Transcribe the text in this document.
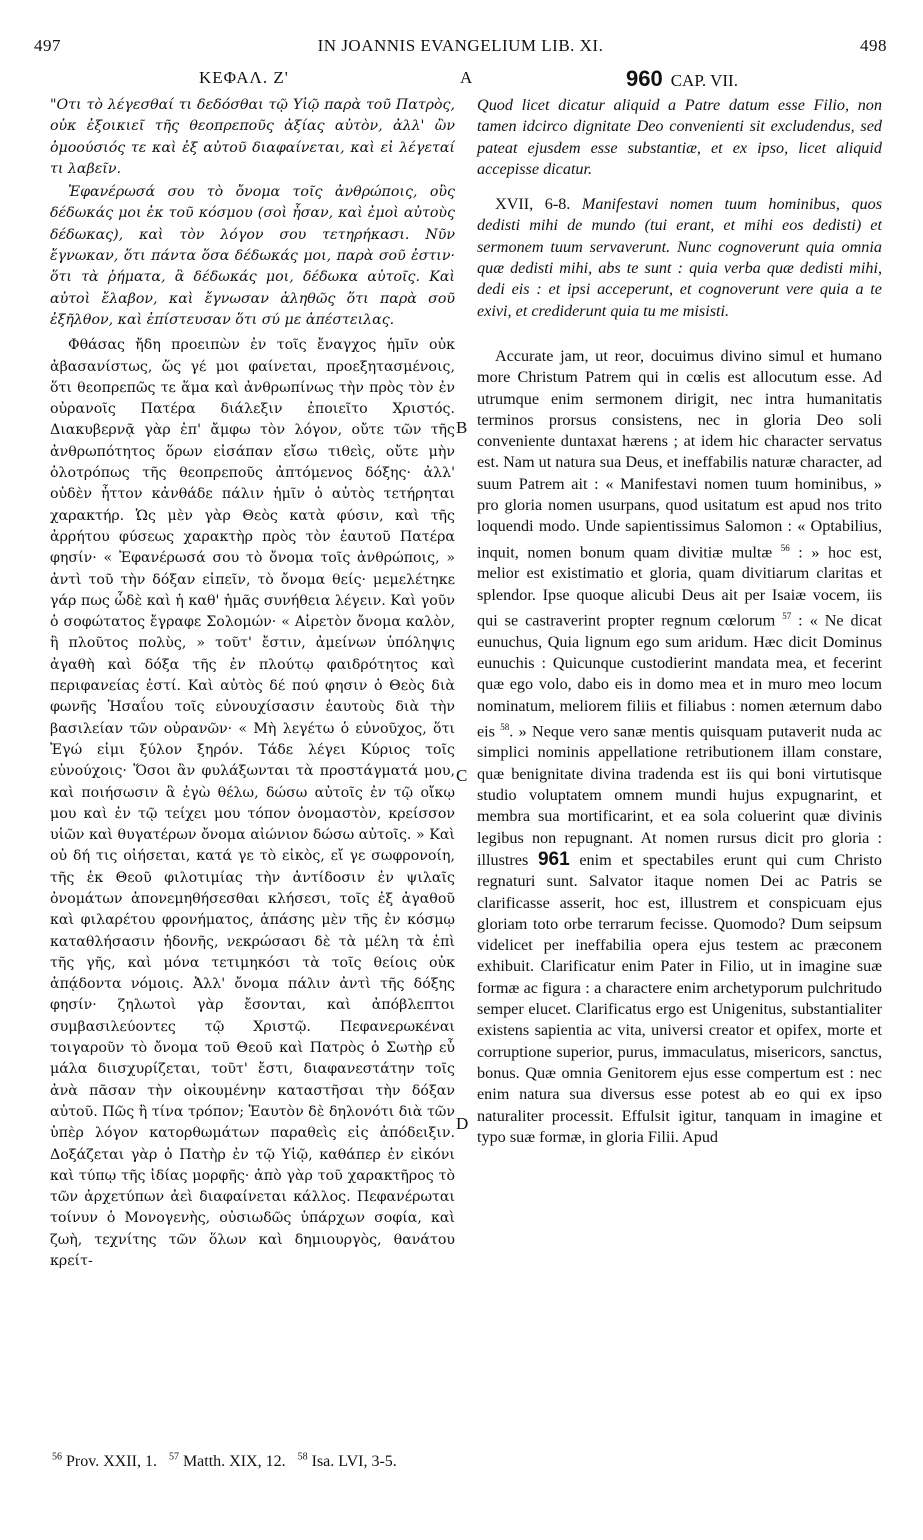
497	IN JOANNIS EVANGELIUM LIB. XI.	498
ΚΕΦΑΛ. Ζ'	A	960 CAP. VII.

"Οτι τὸ λέγεσθαί τι δεδόσθαι τῷ Υἱῷ παρὰ τοῦ Πατρὸς, οὐκ ἐξοικιεῖ τῆς θεοπρεποῦς ἀξίας αὐτὸν, ἀλλ' ὢν ὁμοούσιός τε καὶ ἐξ αὐτοῦ διαφαίνεται, καὶ εἰ λέγεταί τι λαβεῖν.

Ἐφανέρωσά σου τὸ ὄνομα τοῖς ἀνθρώποις, οὓς δέδωκάς μοι ἐκ τοῦ κόσμου (σοὶ ἦσαν, καὶ ἐμοὶ αὐτοὺς δέδωκας), καὶ τὸν λόγον σου τετηρήκασι. Νῦν ἔγνωκαν, ὅτι πάντα ὅσα δέδωκάς μοι, παρὰ σοῦ ἐστιν· ὅτι τὰ ῥήματα, ἃ δέδωκάς μοι, δέδωκα αὐτοῖς. Καὶ αὐτοὶ ἔλαβον, καὶ ἔγνωσαν ἀληθῶς ὅτι παρὰ σοῦ ἐξῆλθον, καὶ ἐπίστευσαν ὅτι σύ με ἀπέστειλας.

Φθάσας ἤδη προειπὼν ἐν τοῖς ἔναγχος ἡμῖν οὐκ ἀβασανίστως, ὥς γέ μοι φαίνεται, προεξητασμένοις, ὅτι θεοπρεπῶς τε ἅμα καὶ ἀνθρωπίνως τὴν πρὸς τὸν ἐν οὐρανοῖς Πατέρα διάλεξιν ἐποιεῖτο Χριστός. Διακυβερνᾷ γὰρ ἐπ' ἄμφω τὸν λόγον, οὔτε τῶν τῆς ἀνθρωπότητος ὅρων εἰσάπαν εἴσω τιθεὶς, οὔτε μὴν ὁλοτρόπως τῆς θεοπρεποῦς ἀπτόμενος δόξης· ἀλλ' οὐδὲν ἧττον κἀνθάδε πάλιν ἡμῖν ὁ αὐτὸς τετήρηται χαρακτήρ. Ὡς μὲν γὰρ Θεὸς κατὰ φύσιν, καὶ τῆς ἀρρήτου φύσεως χαρακτὴρ πρὸς τὸν ἑαυτοῦ Πατέρα φησίν· « Ἐφανέρωσά σου τὸ ὄνομα τοῖς ἀνθρώποις, » ἀντὶ τοῦ τὴν δόξαν εἰπεῖν, τὸ ὄνομα θείς· μεμελέτηκε γάρ πως ὧδὲ καὶ ἡ καθ' ἡμᾶς συνήθεια λέγειν. Καὶ γοῦν ὁ σοφώτατος ἔγραφε Σολομών· « Αἱρετὸν ὄνομα καλὸν, ἢ πλοῦτος πολὺς, » τοῦτ' ἔστιν, ἀμείνων ὑπόληψις ἀγαθὴ καὶ δόξα τῆς ἐν πλούτῳ φαιδρότητος καὶ περιφανείας ἐστί. Καὶ αὐτὸς δέ πού φησιν ὁ Θεὸς διὰ φωνῆς Ἡσαΐου τοῖς εὐνουχίσασιν ἑαυτοὺς διὰ τὴν βασιλείαν τῶν οὐρανῶν· « Μὴ λεγέτω ὁ εὐνοῦχος, ὅτι Ἐγώ εἰμι ξύλον ξηρόν. Τάδε λέγει Κύριος τοῖς εὐνούχοις· Ὅσοι ἂν φυλάξωνται τὰ προστάγματά μου, καὶ ποιήσωσιν ἃ ἐγὼ θέλω, δώσω αὐτοῖς ἐν τῷ οἴκῳ μου καὶ ἐν τῷ τείχει μου τόπον ὀνομαστὸν, κρείσσον υἱῶν καὶ θυγατέρων ὄνομα αἰώνιον δώσω αὐτοῖς. » Καὶ οὐ δή τις οἰήσεται, κατά γε τὸ εἰκὸς, εἴ γε σωφρονοίη, τῆς ἐκ Θεοῦ φιλοτιμίας τὴν ἀντίδοσιν ἐν ψιλαῖς ὀνομάτων ἀπονεμηθήσεσθαι κλήσεσι, τοῖς ἐξ ἀγαθοῦ καὶ φιλαρέτου φρονήματος, ἁπάσης μὲν τῆς ἐν κόσμῳ καταθλήσασιν ἡδονῆς, νεκρώσασι δὲ τὰ μέλη τὰ ἐπὶ τῆς γῆς, καὶ μόνα τετιμηκόσι τὰ τοῖς θείοις οὐκ ἀπᾴδοντα νόμοις. Ἀλλ' ὄνομα πάλιν ἀντὶ τῆς δόξης φησίν· ζηλωτοὶ γὰρ ἔσονται, καὶ ἀπόβλεπτοι συμβασιλεύοντες τῷ Χριστῷ. Πεφανερωκέναι τοιγαροῦν τὸ ὄνομα τοῦ Θεοῦ καὶ Πατρὸς ὁ Σωτὴρ εὖ μάλα διισχυρίζεται, τοῦτ' ἔστι, διαφανεστάτην τοῖς ἀνὰ πᾶσαν τὴν οἰκουμένην καταστῆσαι τὴν δόξαν αὐτοῦ. Πῶς ἢ τίνα τρόπον; Ἑαυτὸν δὲ δηλονότι διὰ τῶν ὑπὲρ λόγον κατορθωμάτων παραθεὶς εἰς ἀπόδειξιν. Δοξάζεται γὰρ ὁ Πατὴρ ἐν τῷ Υἱῷ, καθάπερ ἐν εἰκόνι καὶ τύπῳ τῆς ἰδίας μορφῆς· ἀπὸ γὰρ τοῦ χαρακτῆρος τὸ τῶν ἀρχετύπων ἀεὶ διαφαίνεται κάλλος. Πεφανέρωται τοίνυν ὁ Μονογενὴς, οὐσιωδῶς ὑπάρχων σοφία, καὶ ζωὴ, τεχνίτης τῶν ὅλων καὶ δημιουργὸς, θανάτου κρείτ-

Quod licet dicatur aliquid a Patre datum esse Filio, non tamen idcirco dignitate Deo convenienti sit excludendus, sed pateat ejusdem esse substantiæ, et ex ipso, licet aliquid accepisse dicatur.

XVII, 6-8. Manifestavi nomen tuum hominibus, quos dedisti mihi de mundo (tui erant, et mihi eos dedisti) et sermonem tuum servaverunt. Nunc cognoverunt quia omnia quæ dedisti mihi, abs te sunt : quia verba quæ dedisti mihi, dedi eis : et ipsi acceperunt, et cognoverunt vere quia a te exivi, et crediderunt quia tu me misisti.

Accurate jam, ut reor, docuimus divino simul et humano more Christum Patrem qui in cœlis est allocutum esse. Ad utrumque enim sermonem dirigit, nec intra humanitatis terminos prorsus consistens, nec in gloria Deo soli conveniente duntaxat hærens ; at idem hic character servatus est. Nam ut natura sua Deus, et ineffabilis naturæ character, ad suum Patrem ait : « Manifestavi nomen tuum hominibus, » pro gloria nomen usurpans, quod usitatum est apud nos trito loquendi modo. Unde sapientissimus Salomon : « Optabilius, inquit, nomen bonum quam divitiæ multæ $^{56}$ : » hoc est, melior est existimatio et gloria, quam divitiarum claritas et splendor. Ipse quoque alicubi Deus ait per Isaiæ vocem, iis qui se castraverint propter regnum cœlorum $^{57}$ : « Ne dicat eunuchus, Quia lignum ego sum aridum. Hæc dicit Dominus eunuchis : Quicunque custodierint mandata mea, et fecerint quæ ego volo, dabo eis in domo mea et in muro meo locum nominatum, meliorem filiis et filiabus : nomen æternum dabo eis $^{58}$. » Neque vero sanæ mentis quisquam putaverit nuda ac simplici nominis appellatione retributionem illam constare, quæ benignitate divina tradenda est iis qui boni virtutisque studio voluptatem omnem mundi hujus expugnarint, et membra sua mortificarint, et ea sola coluerint quæ divinis legibus non repugnant. At nomen rursus dicit pro gloria : illustres 961 enim et spectabiles erunt qui cum Christo regnaturi sunt. Salvator itaque nomen Dei ac Patris se clarificasse asserit, hoc est, illustrem et conspicuam ejus gloriam toto orbe terrarum fecisse. Quomodo? Dum seipsum videlicet per ineffabilia opera ejus testem ac præconem exhibuit. Clarificatur enim Pater in Filio, ut in imagine suæ formæ ac figura : a charactere enim archetyporum pulchritudo semper elucet. Clarificatus ergo est Unigenitus, substantialiter existens sapientia ac vita, universi creator et opifex, morte et corruptione superior, purus, immaculatus, misericors, sanctus, bonus. Quæ omnia Genitorem ejus esse compertum est : nec enim natura sua diversus esse potest ab eo qui ex ipso naturaliter processit. Effulsit igitur, tanquam in imagine et typo suæ formæ, in gloria Filii. Apud

B
C
D
$^{56}$ Prov. XXII, 1. $^{57}$ Matth. XIX, 12. $^{58}$ Isa. LVI, 3-5.
